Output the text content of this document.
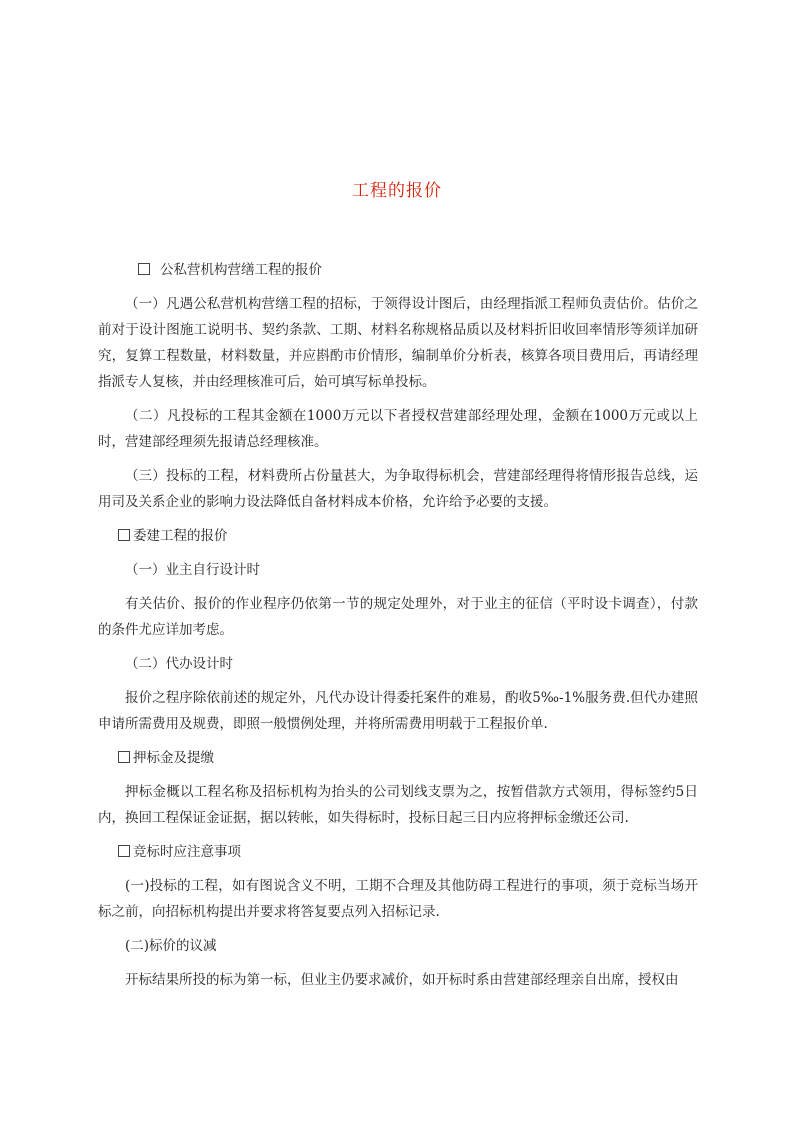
工程的报价

公私营机构营缮工程的报价

（一）凡遇公私营机构营缮工程的招标，于领得设计图后，由经理指派工程师负责估价。估价之前对于设计图施工说明书、契约条款、工期、材料名称规格品质以及材料折旧收回率情形等须详加研究，复算工程数量，材料数量，并应斟酌市价情形，编制单价分析表，核算各项目费用后，再请经理指派专人复核，并由经理核准可后，始可填写标单投标。

（二）凡投标的工程其金额在1000万元以下者授权营建部经理处理，金额在1000万元或以上时，营建部经理须先报请总经理核准。

（三）投标的工程，材料费所占份量甚大，为争取得标机会，营建部经理得将情形报告总线，运用司及关系企业的影响力设法降低自备材料成本价格，允许给予必要的支援。

委建工程的报价

（一）业主自行设计时

有关估价、报价的作业程序仍依第一节的规定处理外，对于业主的征信（平时设卡调查），付款的条件尤应详加考虑。

（二）代办设计时

报价之程序除依前述的规定外，凡代办设计得委托案件的难易，酌收5‰-1%服务费.但代办建照申请所需费用及规费，即照一般惯例处理，并将所需费用明载于工程报价单.

押标金及提缴

押标金概以工程名称及招标机构为抬头的公司划线支票为之，按暂借款方式领用，得标签约5日内，换回工程保证金证据，据以转帐，如失得标时，投标日起三日内应将押标金缴还公司.

竞标时应注意事项

(一)投标的工程，如有图说含义不明，工期不合理及其他防碍工程进行的事项，须于竞标当场开标之前，向招标机构提出并要求将答复要点列入招标记录.

(二)标价的议减

开标结果所投的标为第一标，但业主仍要求减价，如开标时系由营建部经理亲自出席，授权由
